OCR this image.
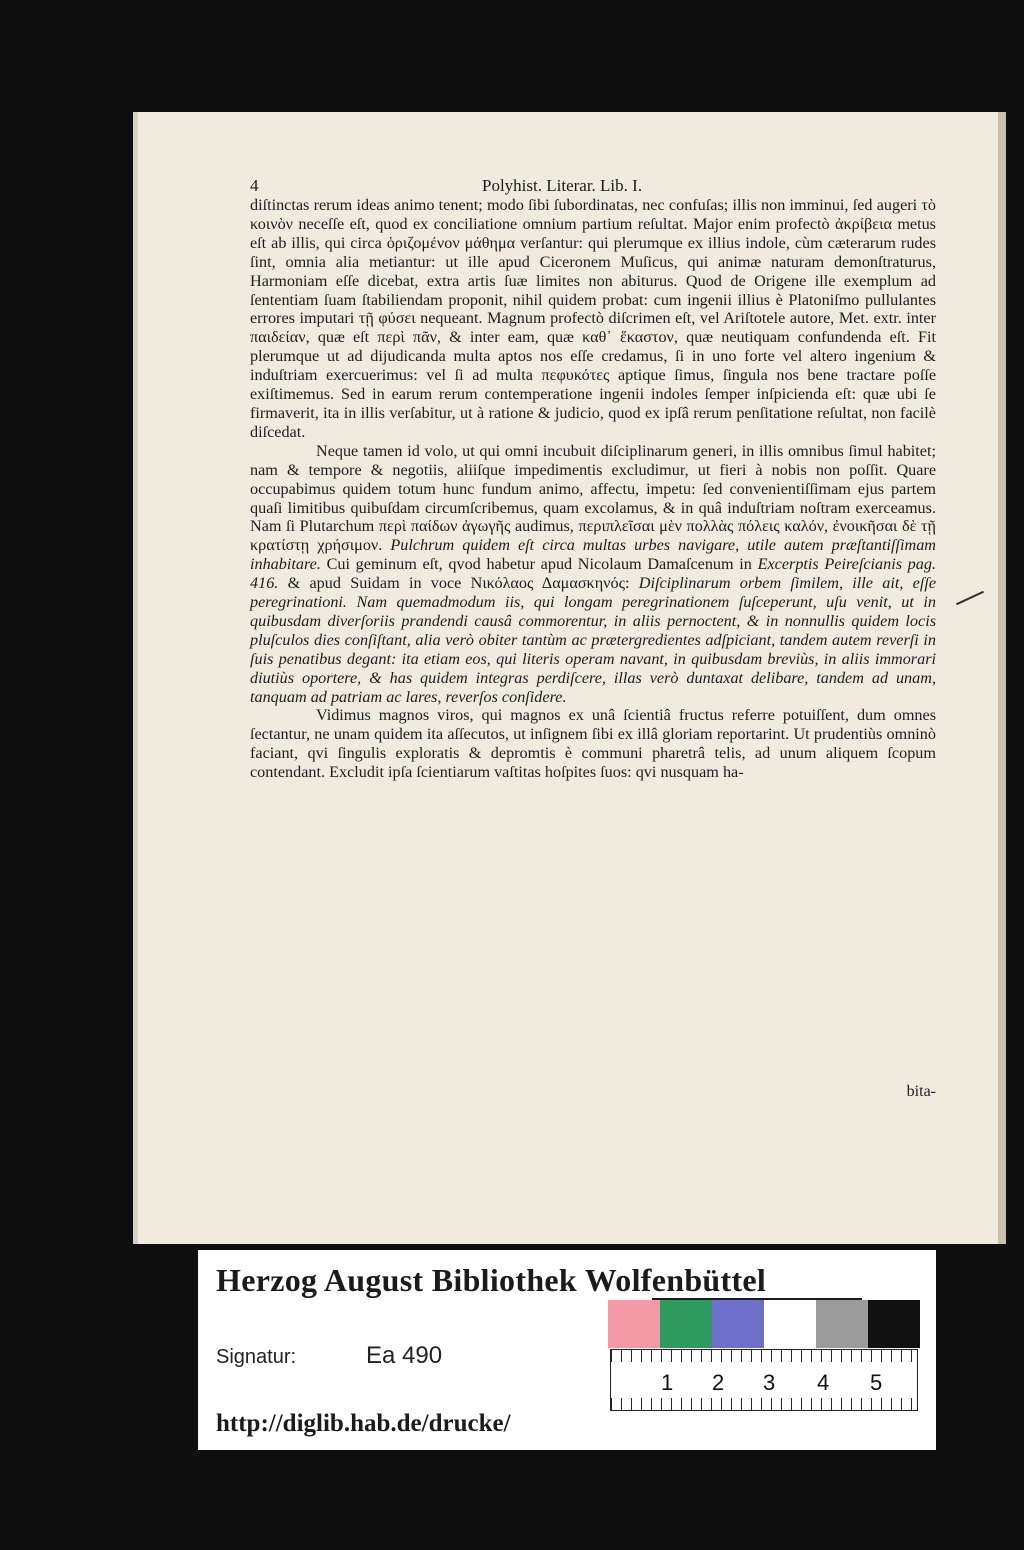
4	Polyhist. Literar. Lib. I.

diſtinctas rerum ideas animo tenent; modo ſibi ſubordinatas, nec confuſas; illis non imminui, ſed augeri τὸ κοινὸν neceſſe eſt, quod ex conciliatione omnium partium reſultat. Major enim profectò ἀκρίβεια metus eſt ab illis, qui circa ὁριζομένον μάθημα verſantur: qui plerumque ex illius indole, cùm cæterarum rudes ſint, omnia alia metiantur: ut ille apud Ciceronem Muſicus, qui animæ naturam demonſtraturus, Harmoniam eſſe dicebat, extra artis ſuæ limites non abiturus. Quod de Origene ille exemplum ad ſententiam ſuam ſtabiliendam proponit, nihil quidem probat: cum ingenii illius è Platoniſmo pullulantes errores imputari τῇ φύσει nequeant. Magnum profectò diſcrimen eſt, vel Ariſtotele autore, Met. extr. inter παιδείαν, quæ eſt περὶ πᾶν, & inter eam, quæ καθ᾽ ἕκαστον, quæ neutiquam confundenda eſt. Fit plerumque ut ad dijudicanda multa aptos nos eſſe credamus, ſi in uno forte vel altero ingenium & induſtriam exercuerimus: vel ſi ad multa πεφυκότες aptique ſimus, ſingula nos bene tractare poſſe exiſtimemus. Sed in earum rerum contemperatione ingenii indoles ſemper inſpicienda eſt: quæ ubi ſe firmaverit, ita in illis verſabitur, ut à ratione & judicio, quod ex ipſâ rerum penſitatione reſultat, non facilè diſcedat.

Neque tamen id volo, ut qui omni incubuit diſciplinarum generi, in illis omnibus ſimul habitet; nam & tempore & negotiis, aliiſque impedimentis excludimur, ut fieri à nobis non poſſit. Quare occupabimus quidem totum hunc fundum animo, affectu, impetu: ſed convenientiſſimam ejus partem quaſi limitibus quibuſdam circumſcribemus, quam excolamus, & in quâ induſtriam noſtram exerceamus. Nam ſi Plutarchum περὶ παίδων ἀγωγῆς audimus, περιπλεῖσαι μὲν πολλὰς πόλεις καλόν, ἐνοικῆσαι δὲ τῇ κρατίστῃ χρήσιμον. Pulchrum quidem eſt circa multas urbes navigare, utile autem præſtantiſſimam inhabitare. Cui geminum eſt, qvod habetur apud Nicolaum Damaſcenum in Excerptis Peireſcianis pag. 416. & apud Suidam in voce Νικόλαος Δαμασκηνός: Diſciplinarum orbem ſimilem, ille ait, eſſe peregrinationi. Nam quemadmodum iis, qui longam peregrinationem ſuſceperunt, uſu venit, ut in quibusdam diverſoriis prandendi causâ commorentur, in aliis pernoctent, & in nonnullis quidem locis pluſculos dies conſiſtant, alia verò obiter tantùm ac prætergredientes adſpiciant, tandem autem reverſi in ſuis penatibus degant: ita etiam eos, qui literis operam navant, in quibusdam breviùs, in aliis immorari diutiùs oportere, & has quidem integras perdiſcere, illas verò duntaxat delibare, tandem ad unam, tanquam ad patriam ac lares, reverſos conſidere.

Vidimus magnos viros, qui magnos ex unâ ſcientiâ fructus referre potuiſſent, dum omnes ſectantur, ne unam quidem ita aſſecutos, ut inſignem ſibi ex illâ gloriam reportarint. Ut prudentiùs omninò faciant, qvi ſingulis exploratis & depromtis è communi pharetrâ telis, ad unum aliquem ſcopum contendant. Excludit ipſa ſcientiarum vaſtitas hoſpites ſuos: qvi nusquam ha-

bita-
Herzog August Bibliothek Wolfenbüttel
Signatur:	Ea 490
http://diglib.hab.de/drucke/
1 2 3 4 5
